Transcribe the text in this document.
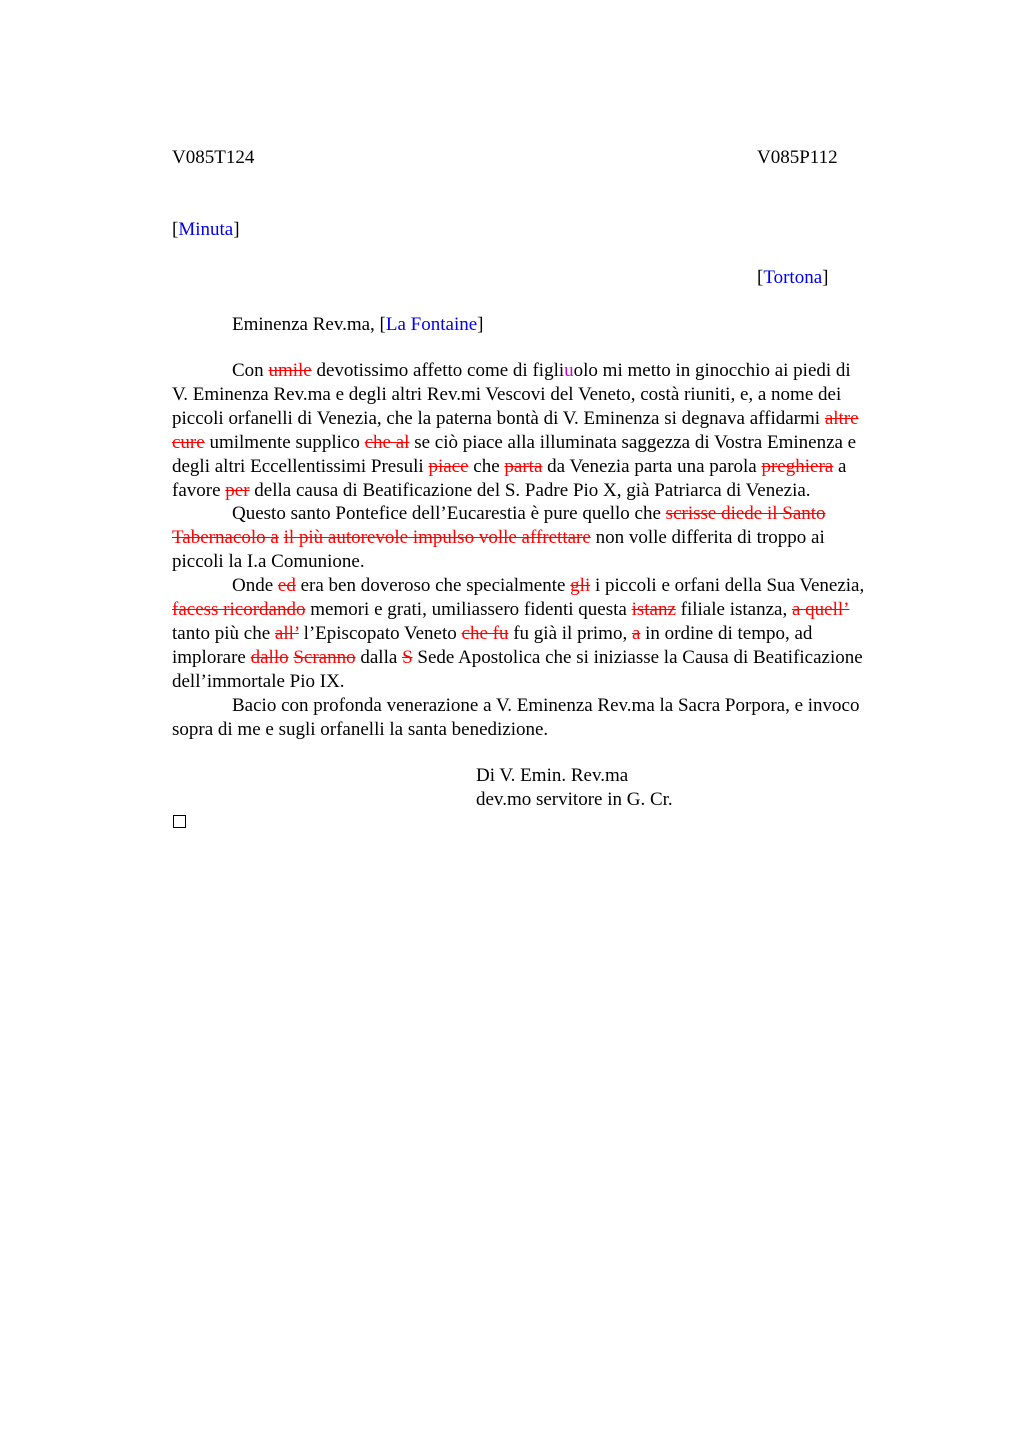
V085T124	V085P112
[Minuta]
[Tortona]
Eminenza Rev.ma, [La Fontaine]
Con umile devotissimo affetto come di figliuolo mi metto in ginocchio ai piedi di
V. Eminenza Rev.ma e degli altri Rev.mi Vescovi del Veneto, costà riuniti, e, a nome dei
piccoli orfanelli di Venezia, che la paterna bontà di V. Eminenza si degnava affidarmi altre
cure umilmente supplico che al se ciò piace alla illuminata saggezza di Vostra Eminenza e
degli altri Eccellentissimi Presuli piace che parta da Venezia parta una parola preghiera a
favore per della causa di Beatificazione del S. Padre Pio X, già Patriarca di Venezia.
Questo santo Pontefice dell’Eucarestia è pure quello che scrisse diede il Santo
Tabernacolo a il più autorevole impulso volle affrettare non volle differita di troppo ai
piccoli la I.a Comunione.
Onde ed era ben doveroso che specialmente gli i piccoli e orfani della Sua Venezia,
facess ricordando memori e grati, umiliassero fidenti questa istanz filiale istanza, a quell’
tanto più che all’ l’Episcopato Veneto che fu fu già il primo, a in ordine di tempo, ad
implorare dallo Scranno dalla S Sede Apostolica che si iniziasse la Causa di Beatificazione
dell’immortale Pio IX.
Bacio con profonda venerazione a V. Eminenza Rev.ma la Sacra Porpora, e invoco
sopra di me e sugli orfanelli la santa benedizione.
Di V. Emin. Rev.ma
dev.mo servitore in G. Cr.
